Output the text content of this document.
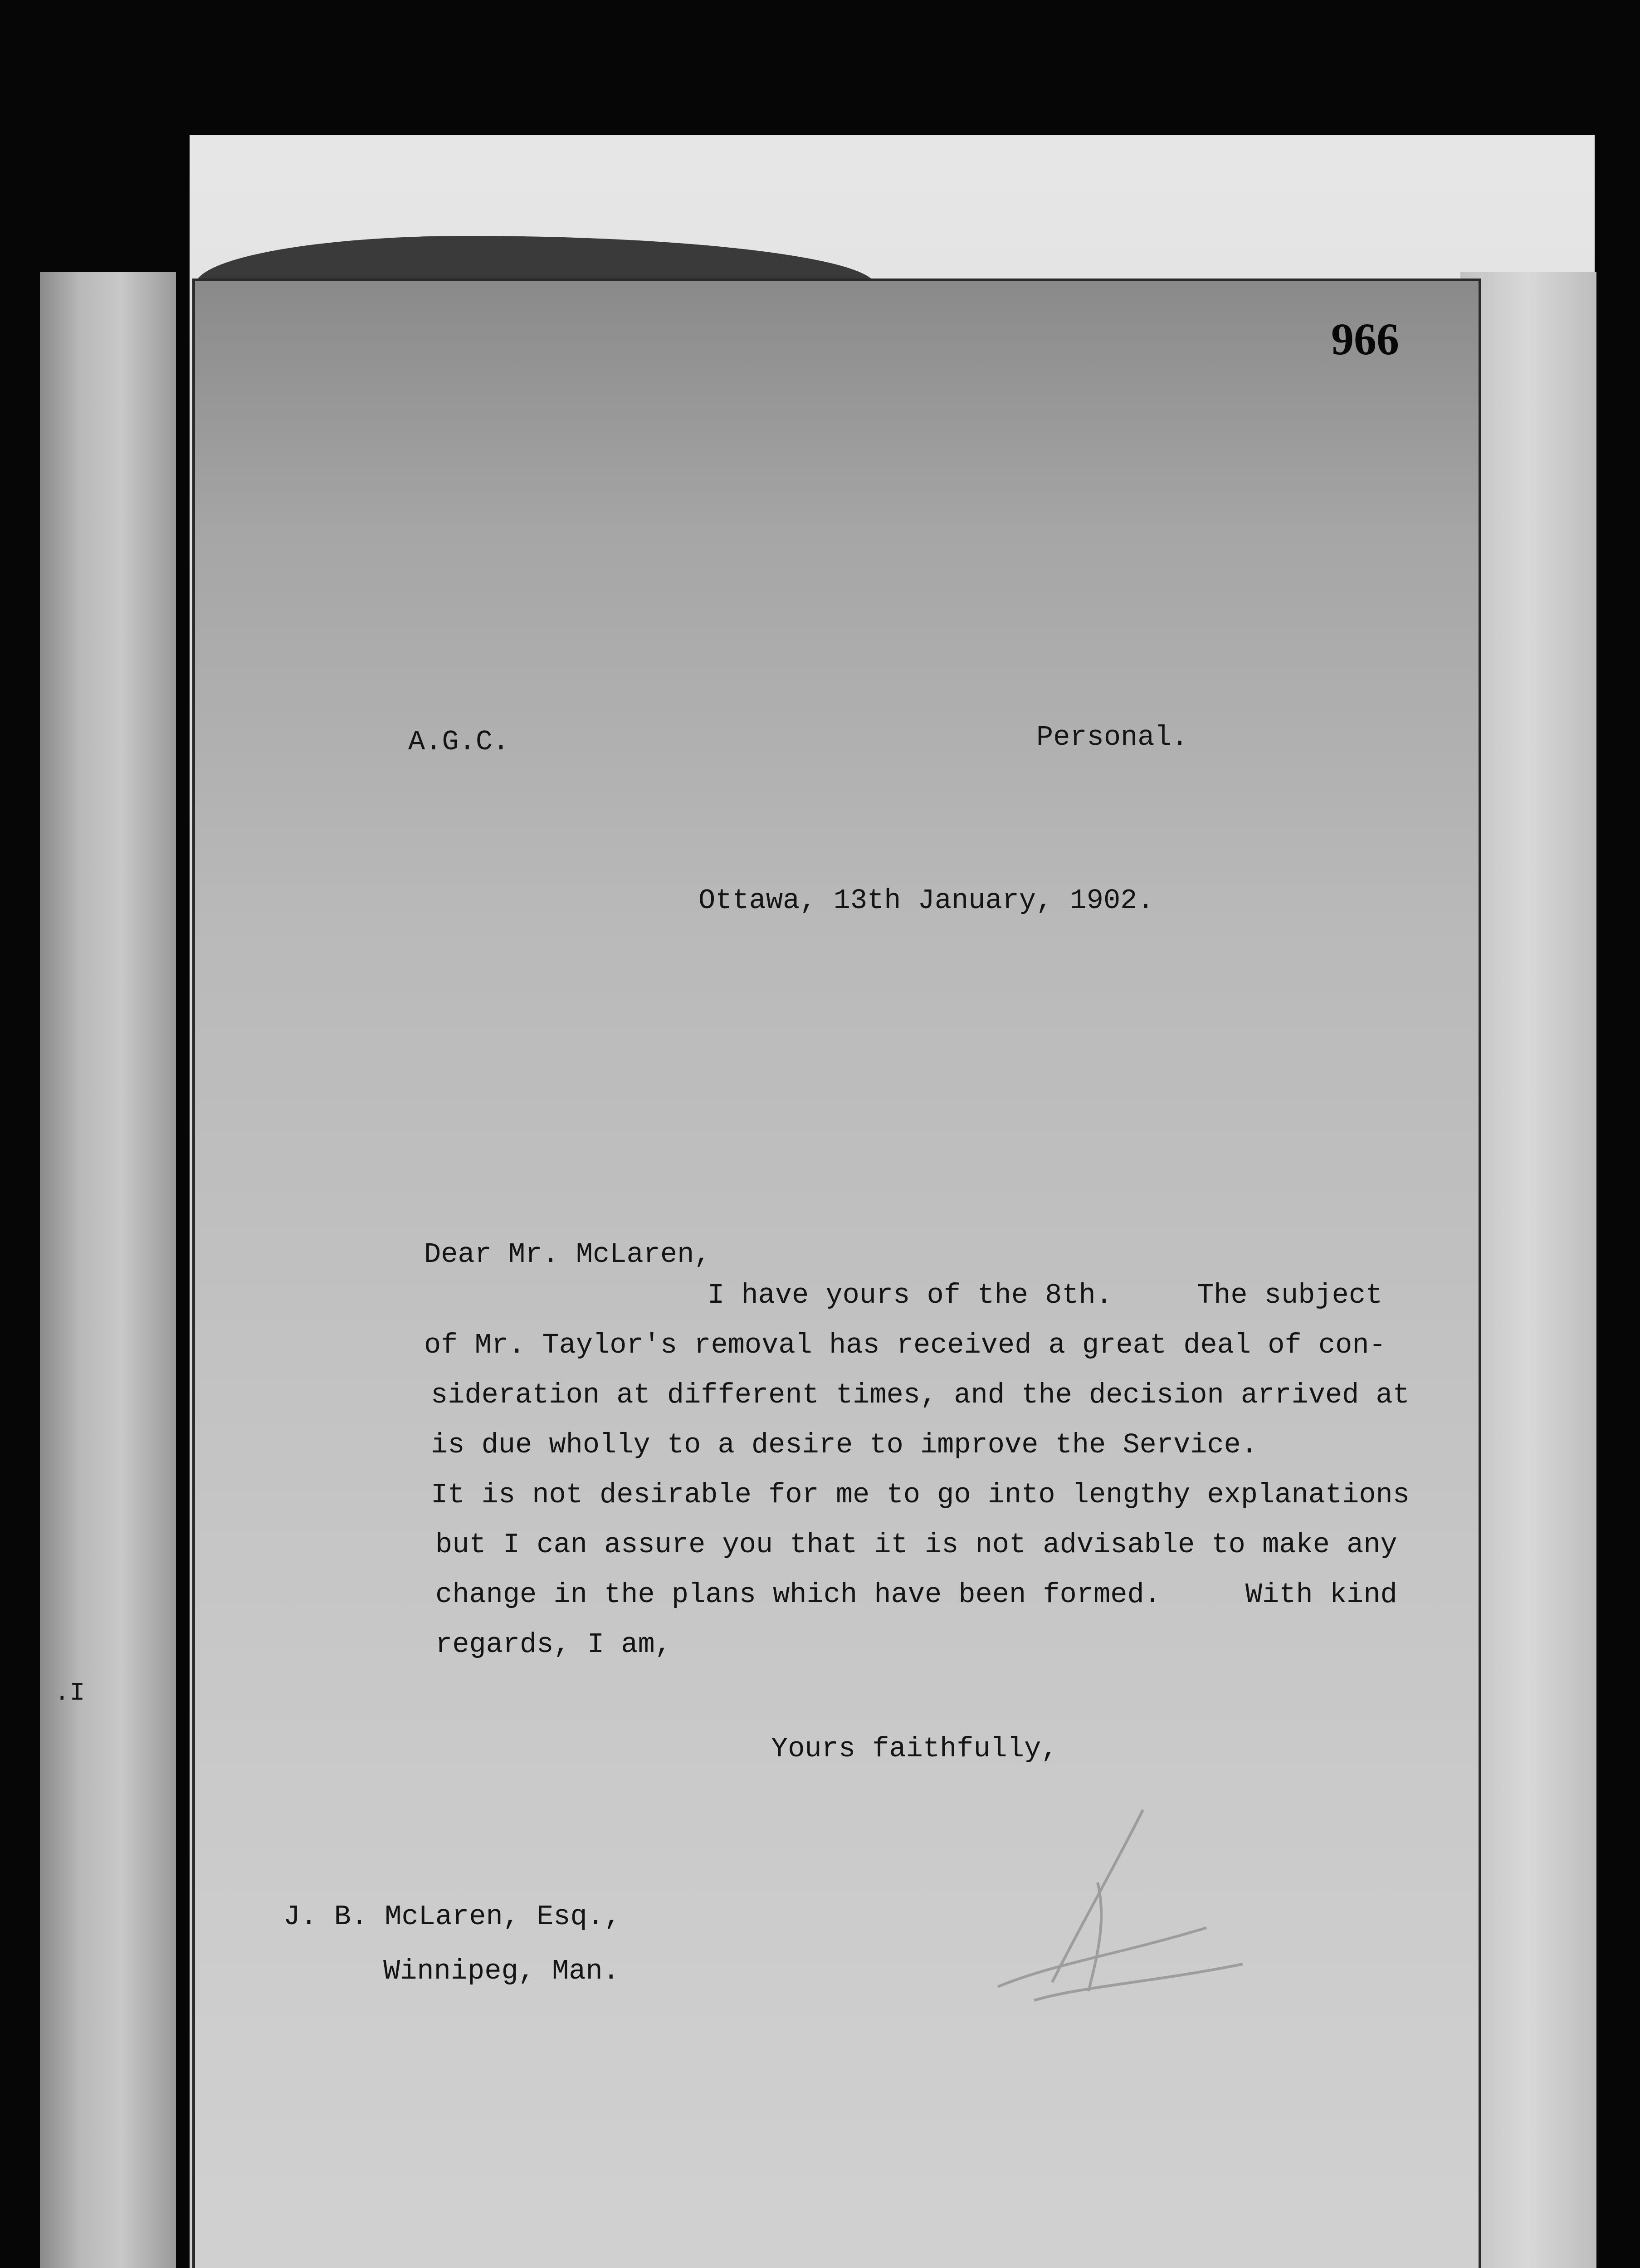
.I
966
A.G.C.	Personal.
Ottawa, 13th January, 1902.
Dear Mr. McLaren,
I have yours of the 8th.     The subject
of Mr. Taylor's removal has received a great deal of con-
sideration at different times, and the decision arrived at
is due wholly to a desire to improve the Service.
It is not desirable for me to go into lengthy explanations
but I can assure you that it is not advisable to make any
change in the plans which have been formed.     With kind
regards, I am,
Yours faithfully,
J. B. McLaren, Esq.,
Winnipeg, Man.
